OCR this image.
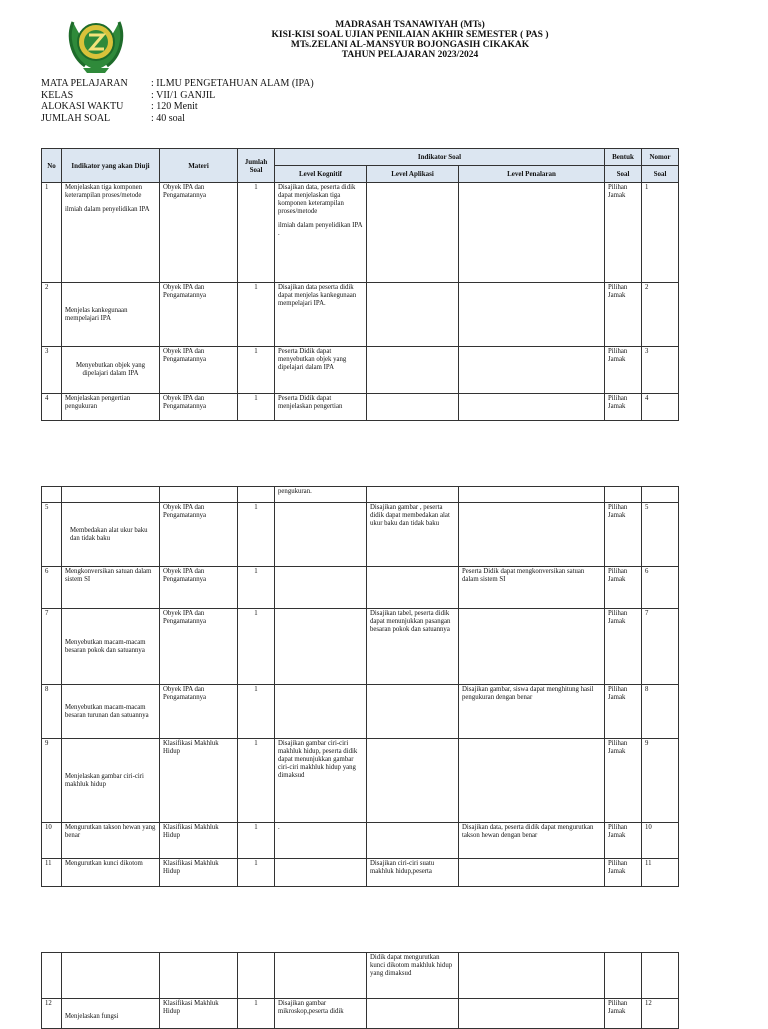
MADRASAH TSANAWIYAH (MTs)
KISI-KISI SOAL UJIAN PENILAIAN AKHIR SEMESTER ( PAS )
MTs.ZELANI AL-MANSYUR BOJONGASIH CIKAKAK
TAHUN PELAJARAN 2023/2024
MATA PELAJARAN	: ILMU PENGETAHUAN ALAM (IPA)
KELAS	: VII/1 GANJIL
ALOKASI WAKTU	: 120 Menit
JUMLAH SOAL	: 40 soal
No	Indikator yang akan Diuji	Materi	Jumlah Soal	Indikator Soal			Bentuk	Nomor
				Level Kognitif	Level Aplikasi	Level Penalaran	Soal	Soal
1	Menjelaskan tiga komponen keterampilan proses/metode
ilmiah dalam penyelidikan IPA	Obyek IPA dan Pengamatannya	1	Disajikan data, peserta didik dapat menjelaskan tiga komponen keterampilan proses/metode
ilmiah dalam penyelidikan IPA .			Pilihan Jamak	1
2	Menjelas kankegunaan mempelajari IPA	Obyek IPA dan Pengamatannya	1	Disajikan data peserta didik dapat menjelas kankegunaan mempelajari IPA.			Pilihan Jamak	2
3	Menyebutkan objek yang dipelajari dalam IPA	Obyek IPA dan Pengamatannya	1	Peserta Didik dapat menyebutkan objek yang dipelajari dalam IPA			Pilihan Jamak	3
4	Menjelaskan pengertian pengukuran	Obyek IPA dan Pengamatannya	1	Peserta Didik dapat menjelaskan pengertian			Pilihan Jamak	4
				pengukuran.				
5	Membedakan alat ukur baku dan tidak baku	Obyek IPA dan Pengamatannya	1		Disajikan gambar , peserta didik dapat membedakan alat ukur baku dan tidak baku		Pilihan Jamak	5
6	Mengkonversikan satuan dalam sistem SI	Obyek IPA dan Pengamatannya	1			Peserta Didik dapat mengkonversikan satuan dalam sistem SI	Pilihan Jamak	6
7	Menyebutkan macam-macam besaran pokok dan satuannya	Obyek IPA dan Pengamatannya	1		Disajikan tabel, peserta didik dapat menunjukkan pasangan besaran pokok dan satuannya		Pilihan Jamak	7
8	Menyebutkan macam-macam besaran turunan dan satuannya	Obyek IPA dan Pengamatannya	1			Disajikan gambar, siswa dapat menghitung hasil pengukuran dengan benar	Pilihan Jamak	8
9	Menjelaskan gambar ciri-ciri makhluk hidup	Klasifikasi Makhluk Hidup	1	Disajikan gambar ciri-ciri makhluk hidup, peserta didik dapat menunjukkan gambar ciri-ciri makhluk hidup yang dimaksud			Pilihan Jamak	9
10	Mengurutkan takson hewan yang benar	Klasifikasi Makhluk Hidup	1	.		Disajikan data, peserta didik dapat mengurutkan takson hewan dengan benar	Pilihan Jamak	10
11	Mengurutkan kunci dikotom	Klasifikasi Makhluk Hidup	1		Disajikan ciri-ciri suatu makhluk hidup,peserta		Pilihan Jamak	11
					Didik dapat mengurutkan kunci dikotom makhluk hidup yang dimaksud			
12	Menjelaskan fungsi	Klasifikasi Makhluk Hidup	1	Disajikan gambar mikroskop,peserta didik			Pilihan Jamak	12
